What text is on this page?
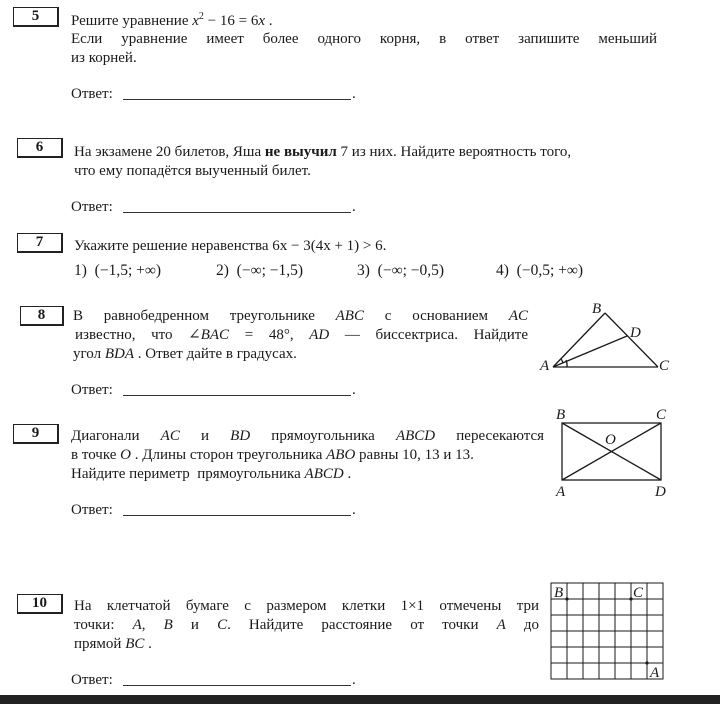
5	Решите уравнение $x^2 - 16 = 6x$ .
Если уравнение имеет более одного корня, в ответ запишите меньший
из корней.
Ответ:	.
6	На экзамене 20 билетов, Яша не выучил 7 из них. Найдите вероятность того,
что ему попадётся выученный билет.
Ответ:	.
7	Укажите решение неравенства 6x − 3(4x + 1) > 6.
1) (−1,5; +∞)	2) (−∞; −1,5)	3) (−∞; −0,5)	4) (−0,5; +∞)
8	В равнобедренном треугольнике ABC с основанием AC
известно, что ∠BAC = 48°, AD — биссектриса. Найдите
угол BDA . Ответ дайте в градусах.
Ответ:	.
B
D
A	C
9	Диагонали AC и BD прямоугольника ABCD пересекаются
в точке O . Длины сторон треугольника ABO равны 10, 13 и 13.
Найдите периметр  прямоугольника ABCD .
Ответ:	.
B	C
O
A	D
10	На клетчатой бумаге с размером клетки 1×1 отмечены три
точки: A, B и C. Найдите расстояние от точки A до
прямой BC .
Ответ:	.
B	C
A
